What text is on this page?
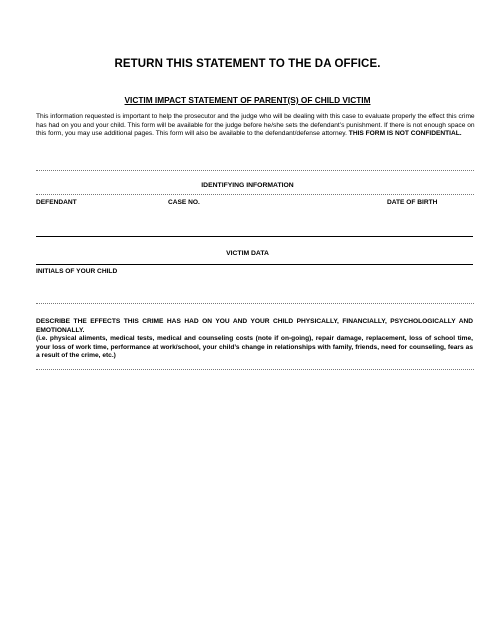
RETURN THIS STATEMENT TO THE DA OFFICE.
VICTIM IMPACT STATEMENT OF PARENT(S) OF CHILD VICTIM
This information requested is important to help the prosecutor and the judge who will be dealing with this case to evaluate properly the effect this crime has had on you and your child. This form will be available for the judge before he/she sets the defendant’s punishment. If there is not enough space on this form, you may use additional pages. This form will also be available to the defendant/defense attorney. THIS FORM IS NOT CONFIDENTIAL.
IDENTIFYING INFORMATION
DEFENDANT	CASE NO.	DATE OF BIRTH
VICTIM DATA
INITIALS OF YOUR CHILD

DESCRIBE THE EFFECTS THIS CRIME HAS HAD ON YOU AND YOUR CHILD PHYSICALLY, FINANCIALLY, PSYCHOLOGICALLY AND EMOTIONALLY.

(i.e. physical aliments, medical tests, medical and counseling costs (note if on-going), repair damage, replacement, loss of school time, your loss of work time, performance at work/school, your child’s change in relationships with family, friends, need for counseling, fears as a result of the crime, etc.)
